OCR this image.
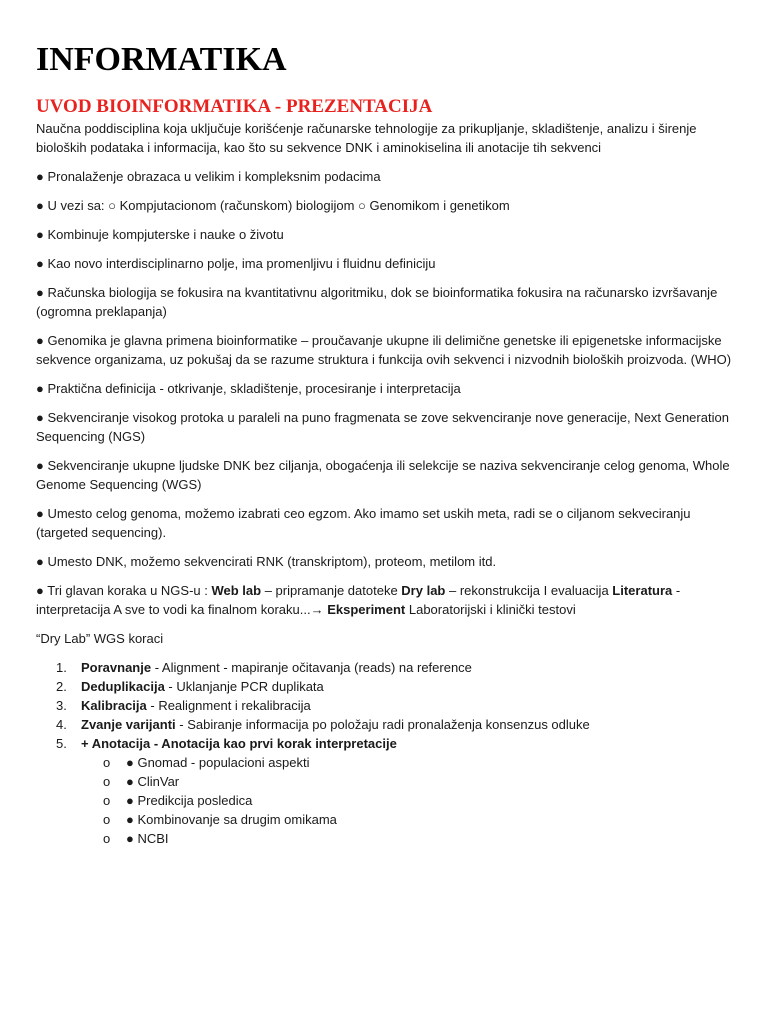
INFORMATIKA
UVOD BIOINFORMATIKA - PREZENTACIJA

Naučna poddisciplina koja uključuje korišćenje računarske tehnologije za prikupljanje, skladištenje, analizu i širenje bioloških podataka i informacija, kao što su sekvence DNK i aminokiselina ili anotacije tih sekvenci

● Pronalaženje obrazaca u velikim i kompleksnim podacima

● U vezi sa: ○ Kompjutacionom (računskom) biologijom ○ Genomikom i genetikom

● Kombinuje kompjuterske i nauke o životu

● Kao novo interdisciplinarno polje, ima promenljivu i fluidnu definiciju

● Računska biologija se fokusira na kvantitativnu algoritmiku, dok se bioinformatika fokusira na računarsko izvršavanje (ogromna preklapanja)

● Genomika je glavna primena bioinformatike – proučavanje ukupne ili delimične genetske ili epigenetske informacijske sekvence organizama, uz pokušaj da se razume struktura i funkcija ovih sekvenci i nizvodnih bioloških proizvoda. (WHO)

● Praktična definicija - otkrivanje, skladištenje, procesiranje i interpretacija

● Sekvenciranje visokog protoka u paraleli na puno fragmenata se zove sekvenciranje nove generacije, Next Generation Sequencing (NGS)

● Sekvenciranje ukupne ljudske DNK bez ciljanja, obogaćenja ili selekcije se naziva sekvenciranje celog genoma, Whole Genome Sequencing (WGS)

● Umesto celog genoma, možemo izabrati ceo egzom. Ako imamo set uskih meta, radi se o ciljanom sekveciranju (targeted sequencing).

● Umesto DNK, možemo sekvencirati RNK (transkriptom), proteom, metilom itd.

● Tri glavan koraka u NGS-u : Web lab – pripramanje datoteke Dry lab – rekonstrukcija I evaluacija Literatura - interpretacija A sve to vodi ka finalnom koraku...→ Eksperiment Laboratorijski i klinički testovi

“Dry Lab” WGS koraci

1. Poravnanje - Alignment - mapiranje očitavanja (reads) na reference
2. Deduplikacija - Uklanjanje PCR duplikata
3. Kalibracija - Realignment i rekalibracija
4. Zvanje varijanti - Sabiranje informacija po položaju radi pronalaženja konsenzus odluke
5. + Anotacija - Anotacija kao prvi korak interpretacije
o ● Gnomad - populacioni aspekti
o ● ClinVar
o ● Predikcija posledica
o ● Kombinovanje sa drugim omikama
o ● NCBI
